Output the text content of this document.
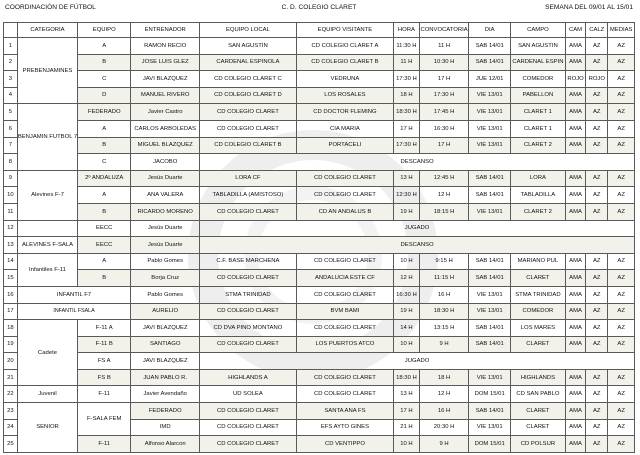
COORDINACIÓN DE FÚTBOL	C. D. COLEGIO CLARET	SEMANA DEL 09/01 AL 15/01
	CATEGORIA	EQUIPO	ENTRENADOR	EQUIPO LOCAL	EQUIPO VISITANTE	HORA	CONVOCATORIA	DIA	CAMPO	CAM	CALZ	MEDIAS
1	PREBENJAMINES	A	RAMON RECIO	SAN AGUSTIN	CD COLEGIO CLARET A	11:30 H	11 H	SAB 14/01	SAN AGUSTIN	AMA	AZ	AZ
2		B	JOSE LUIS GLEZ	CARDENAL ESPINOLA	CD COLEGIO CLARET B	11 H	10:30 H	SAB 14/01	CARDENAL ESPIN	AMA	AZ	AZ
3		C	JAVI BLAZQUEZ	CD COLEGIO CLARET C	VEDRUNA	17:30 H	17 H	JUE 12/01	COMEDOR	ROJO	ROJO	AZ
4		D	MANUEL RIVERO	CD COLEGIO CLARET D	LOS ROSALES	18 H	17:30 H	VIE 13/01	PABELLON	AMA	AZ	AZ
5	BENJAMIN FUTBOL 7	FEDERADO	Javier Castro	CD COLEGIO CLARET	CD DOCTOR FLEMING	18:30 H	17:45 H	VIE 13/01	CLARET 1	AMA	AZ	AZ
6		A	CARLOS ARBOLEDAS	CD COLEGIO CLARET	CIA MARIA	17 H	16:30 H	VIE 13/01	CLARET 1	AMA	AZ	AZ
7		B	MIGUEL BLAZQUEZ	CD COLEGIO CLARET B	PORTACELI	17:30 H	17 H	VIE 13/01	CLARET 2	AMA	AZ	AZ
8		C	JACOBO	DESCANSO								
9	Alevines F-7	2º ANDALUZA	Jesús Duarte	LORA CF	CD COLEGIO CLARET	13 H	12:45 H	SAB 14/01	LORA	AMA	AZ	AZ
10		A	ANA VALERA	TABLADILLA (AMISTOSO)	CD COLEGIO CLARET	12:30 H	12 H	SAB 14/01	TABLADILLA	AMA	AZ	AZ
11		B	RICARDO MORENO	CD COLEGIO CLARET	CD AN ANDALUS B	19 H	18:15 H	VIE 13/01	CLARET 2	AMA	AZ	AZ
12		EECC	Jesús Duarte	JUGADO								
13	ALEVINES F-SALA	EECC	Jesús Duarte	DESCANSO								
14	Infantiles F-11	A	Pablo Gomes	C.F. BASE MARCHENA	CD COLEGIO CLARET	10 H	9:15 H	SAB 14/01	MARIANO PUL	AMA	AZ	AZ
15		B	Borja Cruz	CD COLEGIO CLARET	ANDALUCIA ESTE CF	12 H	11:15 H	SAB 14/01	CLARET	AMA	AZ	AZ
16	INFANTIL F7		Pablo Gomes	STMA TRINIDAD	CD COLEGIO CLARET	16:30 H	16 H	VIE 13/01	STMA TRINIDAD	AMA	AZ	AZ
17	INFANTIL FSALA		AURELIO	CD COLEGIO CLARET	BVM BAMI	19 H	18:30 H	VIE 13/01	COMEDOR	AMA	AZ	AZ
18	Cadete	F-11 A	JAVI BLAZQUEZ	CD DVA PINO MONTANO	CD COLEGIO CLARET	14 H	13:15 H	SAB 14/01	LOS MARES	AMA	AZ	AZ
19		F-11 B	SANTIAGO	CD COLEGIO CLARET	LOS PUERTOS ATCO	10 H	9 H	SAB 14/01	CLARET	AMA	AZ	AZ
20		FS A	JAVI BLAZQUEZ	JUGADO								
21		FS B	JUAN PABLO R.	HIGHLANDS A	CD COLEGIO CLARET	18:30 H	18 H	VIE 13/01	HIGHLANDS	AMA	AZ	AZ
22	Juvenil	F-11	Javier Avendaño	UD SOLEA	CD COLEGIO CLARET	13 H	12 H	DOM 15/01	CD SAN PABLO	AMA	AZ	AZ
23	SENIOR	F-SALA FEM	FEDERADO	CD COLEGIO CLARET	SANTA ANA FS	17 H	16 H	SAB 14/01	CLARET	AMA	AZ	AZ
24			IMD	CD COLEGIO CLARET	EFS AYTO GINES	21 H	20:30 H	VIE 13/01	CLARET	AMA	AZ	AZ
25		F-11	Alfonso Alarcon	CD COLEGIO CLARET	CD VENTIPPO	10 H	9 H	DOM 15/01	CD POLSUR	AMA	AZ	AZ
